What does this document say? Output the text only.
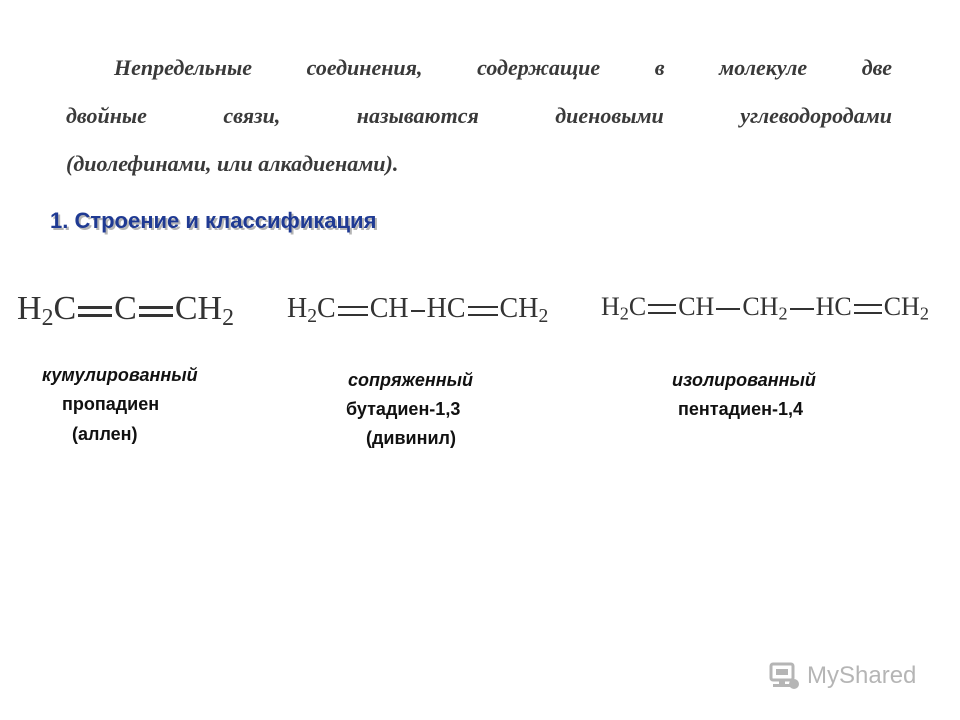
Непредельные соединения, содержащие в молекуле две
двойные связи, называются диеновыми углеводородами
(диолефинами, или алкадиенами).
1. Строение и классификация
$H_2C$ C $CH_2$ $H_2C$ CH HC $CH_2$ $H_2C$ CH $CH_2$ HC $CH_2$
кумулированный
пропадиен
(аллен)
сопряженный
бутадиен-1,3
(дивинил)
изолированный
пентадиен-1,4
MyShared
